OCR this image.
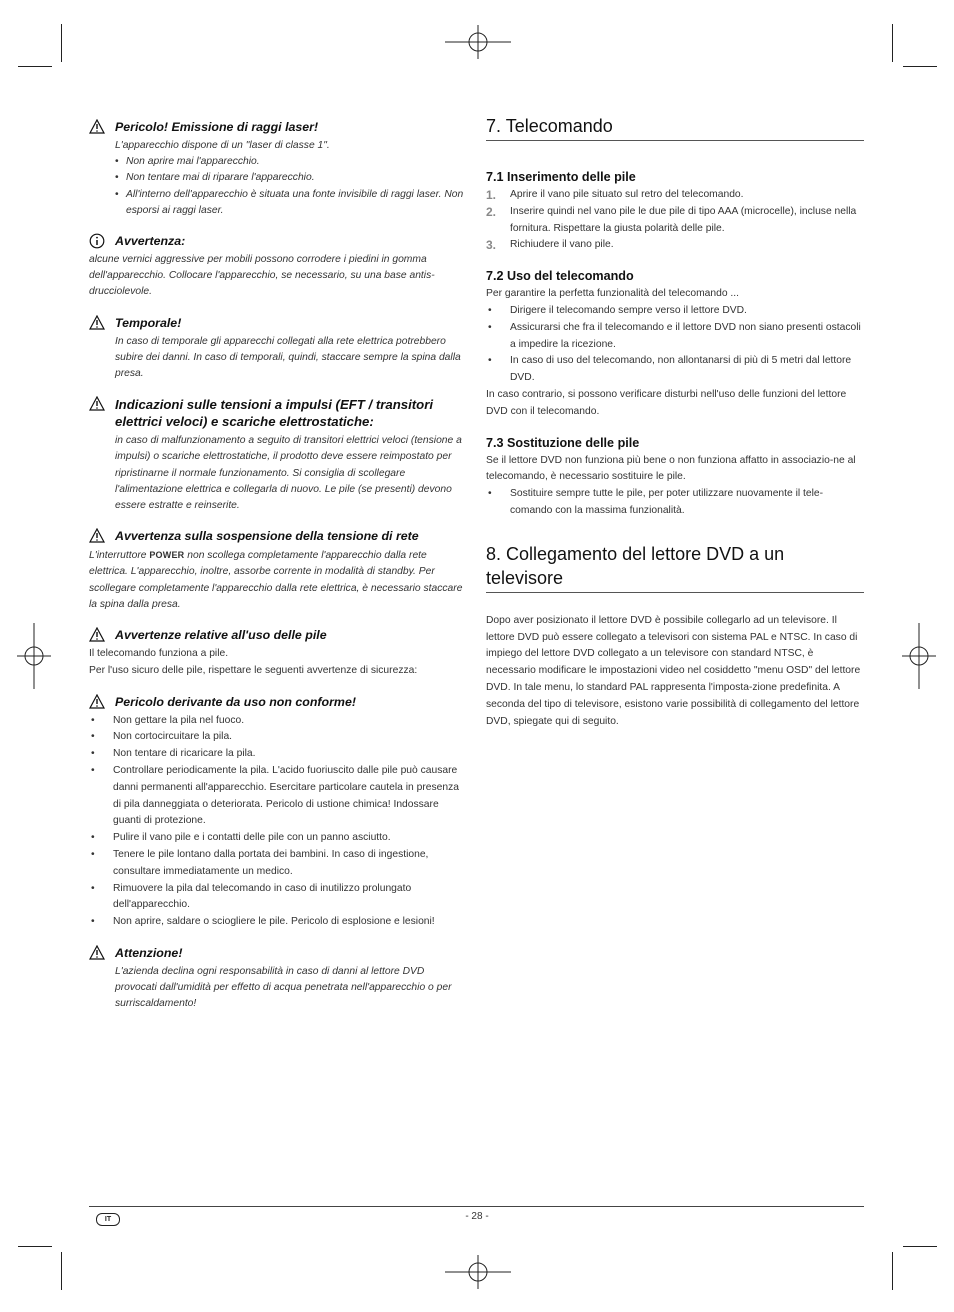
Pericolo! Emissione di raggi laser!

L'apparecchio dispone di un "laser di classe 1".

• Non aprire mai l'apparecchio.
• Non tentare mai di riparare l'apparecchio.
• All'interno dell'apparecchio è situata una fonte invisibile di raggi laser. Non esporsi ai raggi laser.
Avvertenza:

alcune vernici aggressive per mobili possono corrodere i piedini in gomma dell'apparecchio. Collocare l'apparecchio, se necessario, su una base antis-drucciolevole.

Temporale!

In caso di temporale gli apparecchi collegati alla rete elettrica potrebbero subire dei danni. In caso di temporali, quindi, staccare sempre la spina dalla presa.

Indicazioni sulle tensioni a impulsi (EFT / transitori elettrici veloci) e scariche elettrostatiche:

in caso di malfunzionamento a seguito di transitori elettrici veloci (tensione a impulsi) o scariche elettrostatiche, il prodotto deve essere reimpostato per ripristinarne il normale funzionamento. Si consiglia di scollegare l'alimentazione elettrica e collegarla di nuovo. Le pile (se presenti) devono essere estratte e reinserite.

Avvertenza sulla sospensione della tensione di rete

L'interruttore POWER non scollega completamente l'apparecchio dalla rete elettrica. L'apparecchio, inoltre, assorbe corrente in modalità di standby. Per scollegare completamente l'apparecchio dalla rete elettrica, è necessario staccare la spina dalla presa.

Avvertenze relative all'uso delle pile

Il telecomando funziona a pile.

Per l'uso sicuro delle pile, rispettare le seguenti avvertenze di sicurezza:

Pericolo derivante da uso non conforme!
• Non gettare la pila nel fuoco.
• Non cortocircuitare la pila.
• Non tentare di ricaricare la pila.
• Controllare periodicamente la pila. L'acido fuoriuscito dalle pile può causare danni permanenti all'apparecchio. Esercitare particolare cautela in presenza di pila danneggiata o deteriorata. Pericolo di ustione chimica! Indossare guanti di protezione.
• Pulire il vano pile e i contatti delle pile con un panno asciutto.
• Tenere le pile lontano dalla portata dei bambini. In caso di ingestione, consultare immediatamente un medico.
• Rimuovere la pila dal telecomando in caso di inutilizzo prolungato dell'apparecchio.
• Non aprire, saldare o sciogliere le pile. Pericolo di esplosione e lesioni!
Attenzione!

L'azienda declina ogni responsabilità in caso di danni al lettore DVD provocati dall'umidità per effetto di acqua penetrata nell'apparecchio o per surriscaldamento!

7. Telecomando
7.1 Inserimento delle pile
1.	Aprire il vano pile situato sul retro del telecomando.
2.	Inserire quindi nel vano pile le due pile di tipo AAA (microcelle), incluse nella fornitura. Rispettare la giusta polarità delle pile.
3.	Richiudere il vano pile.
7.2 Uso del telecomando

Per garantire la perfetta funzionalità del telecomando ...

• Dirigere il telecomando sempre verso il lettore DVD.
• Assicurarsi che fra il telecomando e il lettore DVD non siano presenti ostacoli a impedire la ricezione.
• In caso di uso del telecomando, non allontanarsi di più di 5 metri dal lettore DVD.

In caso contrario, si possono verificare disturbi nell'uso delle funzioni del lettore DVD con il telecomando.

7.3 Sostituzione delle pile

Se il lettore DVD non funziona più bene o non funziona affatto in associazio-ne al telecomando, è necessario sostituire le pile.

• Sostituire sempre tutte le pile, per poter utilizzare nuovamente il tele-comando con la massima funzionalità.
8. Collegamento del lettore DVD a un televisore

Dopo aver posizionato il lettore DVD è possibile collegarlo ad un televisore. Il lettore DVD può essere collegato a televisori con sistema PAL e NTSC. In caso di impiego del lettore DVD collegato a un televisore con standard NTSC, è necessario modificare le impostazioni video nel cosiddetto "menu OSD" del lettore DVD. In tale menu, lo standard PAL rappresenta l'imposta-zione predefinita. A seconda del tipo di televisore, esistono varie possibilità di collegamento del lettore DVD, spiegate qui di seguito.

IT	- 28 -
